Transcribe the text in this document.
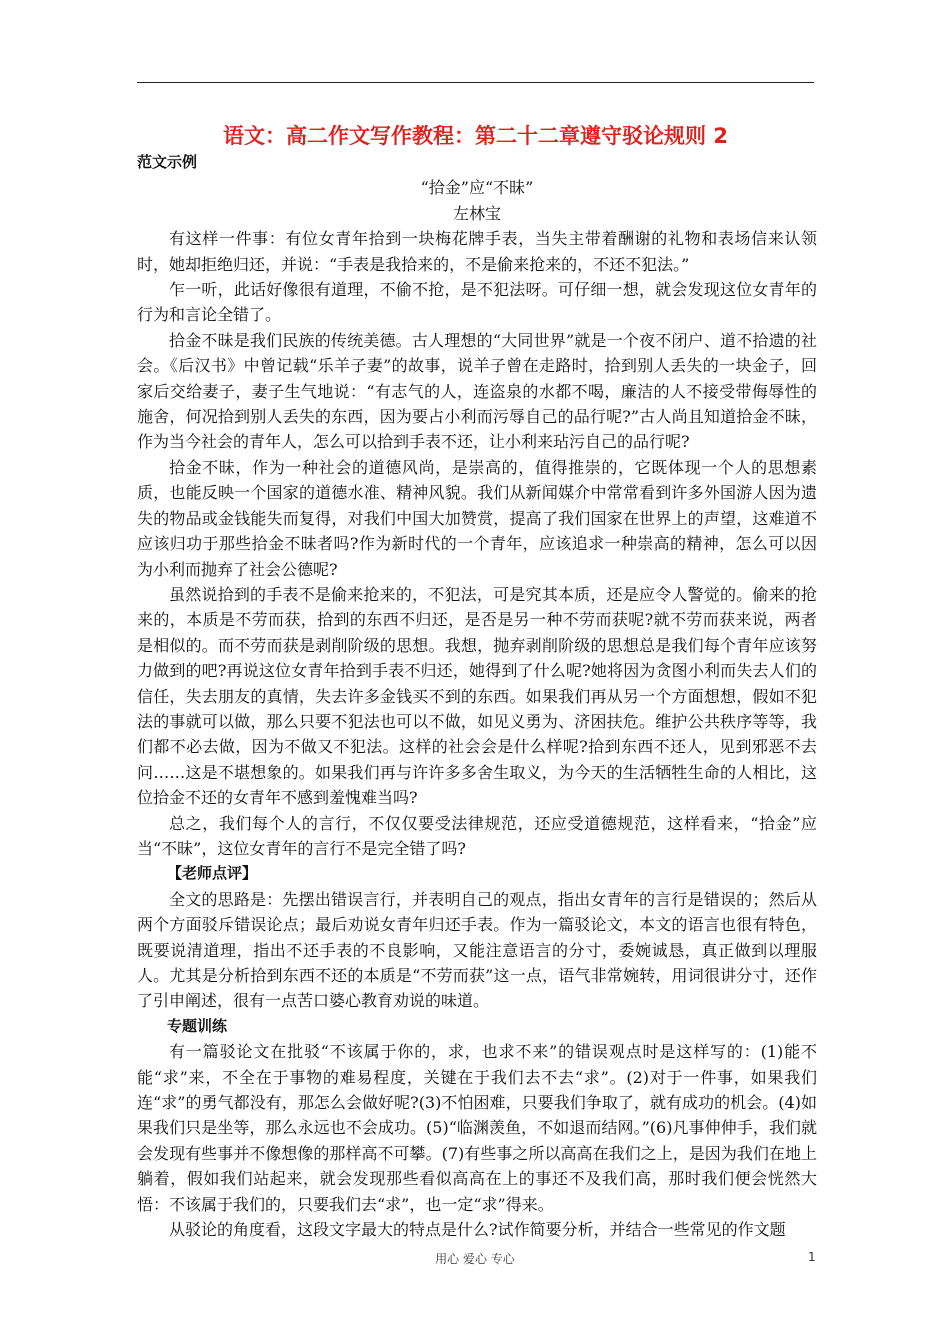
语文：高二作文写作教程：第二十二章遵守驳论规则 2
范文示例
“拾金”应“不昧”
左林宝

有这样一件事：有位女青年拾到一块梅花牌手表，当失主带着酬谢的礼物和表场信来认领时，她却拒绝归还，并说：“手表是我拾来的，不是偷来抢来的，不还不犯法。”

乍一听，此话好像很有道理，不偷不抢，是不犯法呀。可仔细一想，就会发现这位女青年的行为和言论全错了。

拾金不昧是我们民族的传统美德。古人理想的“大同世界”就是一个夜不闭户、道不拾遗的社会。《后汉书》中曾记载“乐羊子妻”的故事，说羊子曾在走路时，拾到别人丢失的一块金子，回家后交给妻子，妻子生气地说：“有志气的人，连盗泉的水都不喝，廉洁的人不接受带侮辱性的施舍，何况拾到别人丢失的东西，因为要占小利而污辱自己的品行呢?”古人尚且知道拾金不昧，作为当今社会的青年人，怎么可以拾到手表不还，让小利来玷污自己的品行呢?

拾金不昧，作为一种社会的道德风尚，是崇高的，值得推崇的，它既体现一个人的思想素质，也能反映一个国家的道德水准、精神风貌。我们从新闻媒介中常常看到许多外国游人因为遗失的物品或金钱能失而复得，对我们中国大加赞赏，提高了我们国家在世界上的声望，这难道不应该归功于那些拾金不昧者吗?作为新时代的一个青年，应该追求一种崇高的精神，怎么可以因为小利而抛弃了社会公德呢?

虽然说拾到的手表不是偷来抢来的，不犯法，可是究其本质，还是应令人警觉的。偷来的抢来的，本质是不劳而获，拾到的东西不归还，是否是另一种不劳而获呢?就不劳而获来说，两者是相似的。而不劳而获是剥削阶级的思想。我想，抛弃剥削阶级的思想总是我们每个青年应该努力做到的吧?再说这位女青年拾到手表不归还，她得到了什么呢?她将因为贪图小利而失去人们的信任，失去朋友的真情，失去许多金钱买不到的东西。如果我们再从另一个方面想想，假如不犯法的事就可以做，那么只要不犯法也可以不做，如见义勇为、济困扶危。维护公共秩序等等，我们都不必去做，因为不做又不犯法。这样的社会会是什么样呢?拾到东西不还人，见到邪恶不去问……这是不堪想象的。如果我们再与许许多多舍生取义，为今天的生活牺牲生命的人相比，这位拾金不还的女青年不感到羞愧难当吗?

总之，我们每个人的言行，不仅仅要受法律规范，还应受道德规范，这样看来，“拾金”应当“不昧”，这位女青年的言行不是完全错了吗?

【老师点评】

全文的思路是：先摆出错误言行，并表明自己的观点，指出女青年的言行是错误的；然后从两个方面驳斥错误论点；最后劝说女青年归还手表。作为一篇驳论文，本文的语言也很有特色，既要说清道理，指出不还手表的不良影响，又能注意语言的分寸，委婉诚恳，真正做到以理服人。尤其是分析拾到东西不还的本质是“不劳而获”这一点，语气非常婉转，用词很讲分寸，还作了引申阐述，很有一点苦口婆心教育劝说的味道。

专题训练

有一篇驳论文在批驳“不该属于你的，求，也求不来”的错误观点时是这样写的：(1)能不能“求”来，不全在于事物的难易程度，关键在于我们去不去“求”。(2)对于一件事，如果我们连“求”的勇气都没有，那怎么会做好呢?(3)不怕困难，只要我们争取了，就有成功的机会。(4)如果我们只是坐等，那么永远也不会成功。(5)“临渊羡鱼，不如退而结网。”(6)凡事伸伸手，我们就会发现有些事并不像想像的那样高不可攀。(7)有些事之所以高高在我们之上，是因为我们在地上躺着，假如我们站起来，就会发现那些看似高高在上的事还不及我们高，那时我们便会恍然大悟：不该属于我们的，只要我们去“求”，也一定“求”得来。

从驳论的角度看，这段文字最大的特点是什么?试作简要分析，并结合一些常见的作文题

用心 爱心 专心	1
